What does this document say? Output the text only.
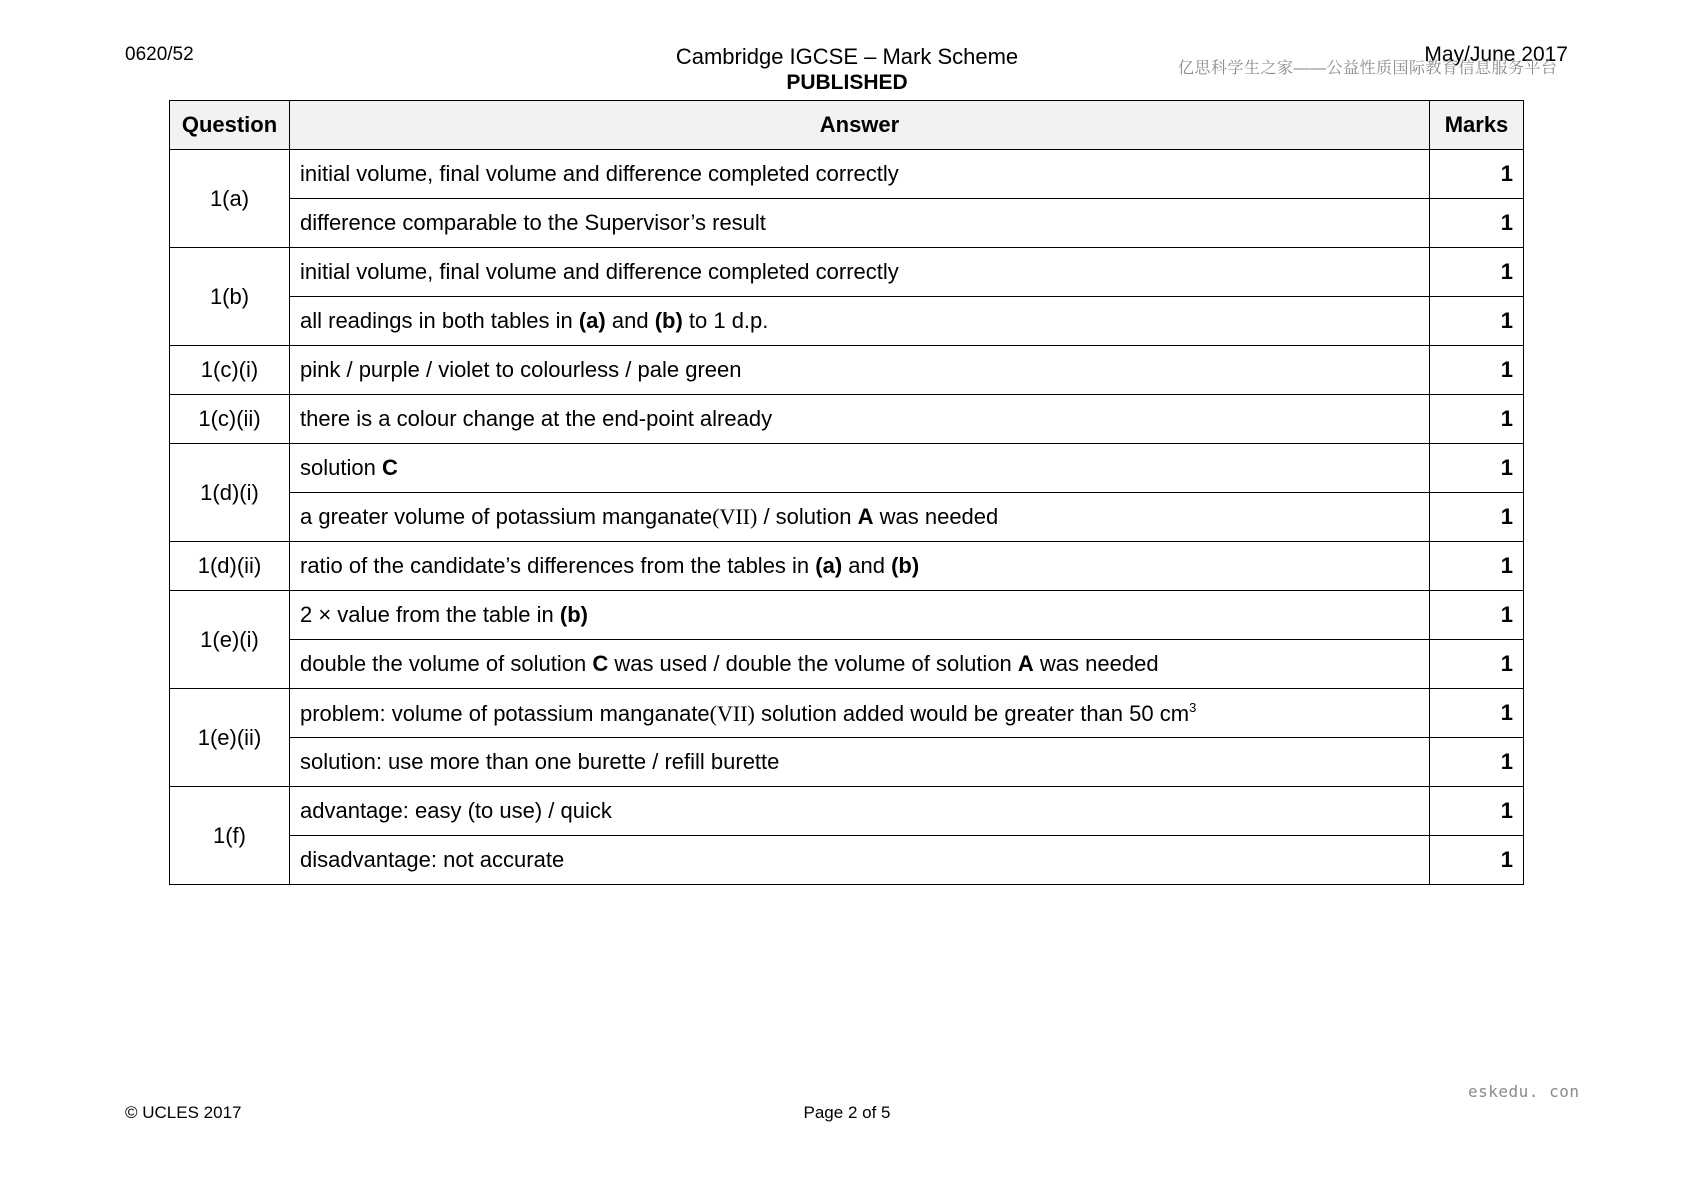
0620/52	Cambridge IGCSE – Mark Scheme
PUBLISHED
May/June 2017
亿思科学生之家——公益性质国际教育信息服务平台
Question	Answer	Marks
1(a)	initial volume, final volume and difference completed correctly	1
	difference comparable to the Supervisor’s result	1
1(b)	initial volume, final volume and difference completed correctly	1
	all readings in both tables in (a) and (b) to 1 d.p.	1
1(c)(i)	pink / purple / violet to colourless / pale green	1
1(c)(ii)	there is a colour change at the end-point already	1
1(d)(i)	solution C	1
	a greater volume of potassium manganate(VII) / solution A was needed	1
1(d)(ii)	ratio of the candidate’s differences from the tables in (a) and (b)	1
1(e)(i)	2 × value from the table in (b)	1
	double the volume of solution C was used / double the volume of solution A was needed	1
1(e)(ii)	problem: volume of potassium manganate(VII) solution added would be greater than 50 $cm^3$	1
	solution: use more than one burette / refill burette	1
1(f)	advantage: easy (to use) / quick	1
	disadvantage: not accurate	1
eskedu. con
© UCLES 2017	Page 2 of 5
